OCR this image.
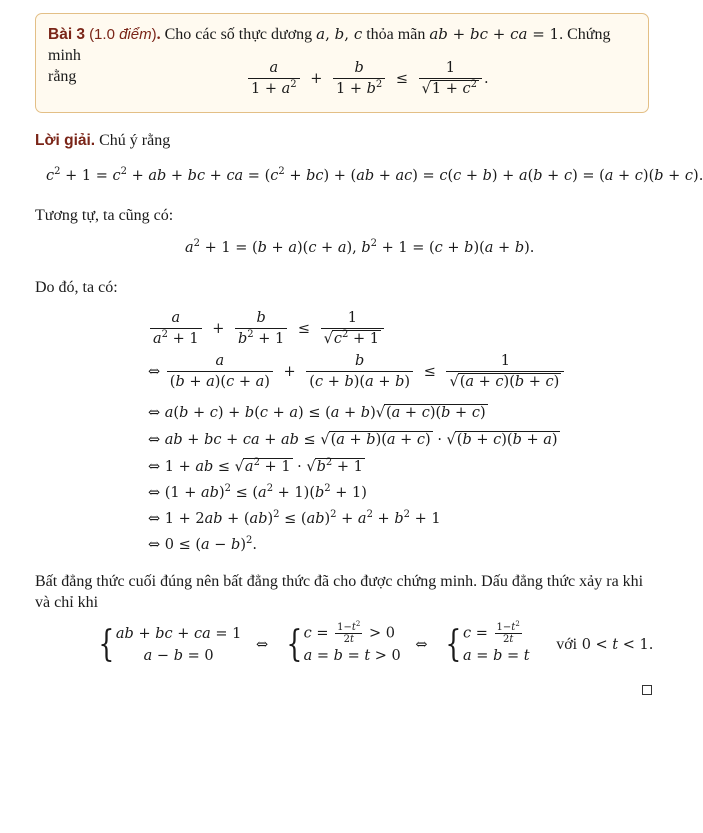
Bài 3 (1.0 điểm). Cho các số thực dương a, b, c thỏa mãn ab + bc + ca = 1. Chứng minh
rằng	$\frac{a}{1 + a^2} + \frac{b}{1 + b^2} \le \frac{1}{√1 + c^2}$ .
Lời giải. Chú ý rằng
$c^2 + 1 = c^2$ + ab + bc + ca = $(c^2 + bc) + (ab + ac) = c(c + b) + a(b + c) = (a + c)(b + c)$.
Tương tự, ta cũng có:
$a^2 + 1 = (b + a)(c + a)$, $b^2 + 1 = (c + b)(a + b)$.
Do đó, ta có:
$\frac{a}{a^2 + 1} + \frac{b}{b^2 + 1} \le \frac{1}{√c^2 + 1}$
⇔ $\frac{a}{(b + a)(c + a)} + \frac{b}{(c + b)(a + b)} \le \frac{1}{√(a + c)(b + c)}$
⇔ a(b + c) + b(c + a) ≤ (a + b)√(a + c)(b + c)
⇔ ab + bc + ca + ab ≤ √(a + b)(a + c) · √(b + c)(b + a)
⇔ 1 + ab ≤ $√a^2 + 1 \cdot √b^2 + 1$
⇔ $(1 + ab)^2 \le (a^2 + 1)(b^2 + 1)$
⇔ $1 + 2ab + (ab)^2 \le (ab)^2 + a^2 + b^2 + 1$
⇔ $0 \le (a - b)^2$.
Bất đẳng thức cuối đúng nên bất đẳng thức đã cho được chứng minh. Dấu đẳng thức xảy ra khi
và chỉ khi
{ ab + bc + ca = 1
a − b = 0
⇔ { $c = \frac{1-t^2}{2t} > 0$
a = b = t > 0
⇔ { $c = \frac{1-t^2}{2t}$
a = b = t
với 0 < t < 1.
